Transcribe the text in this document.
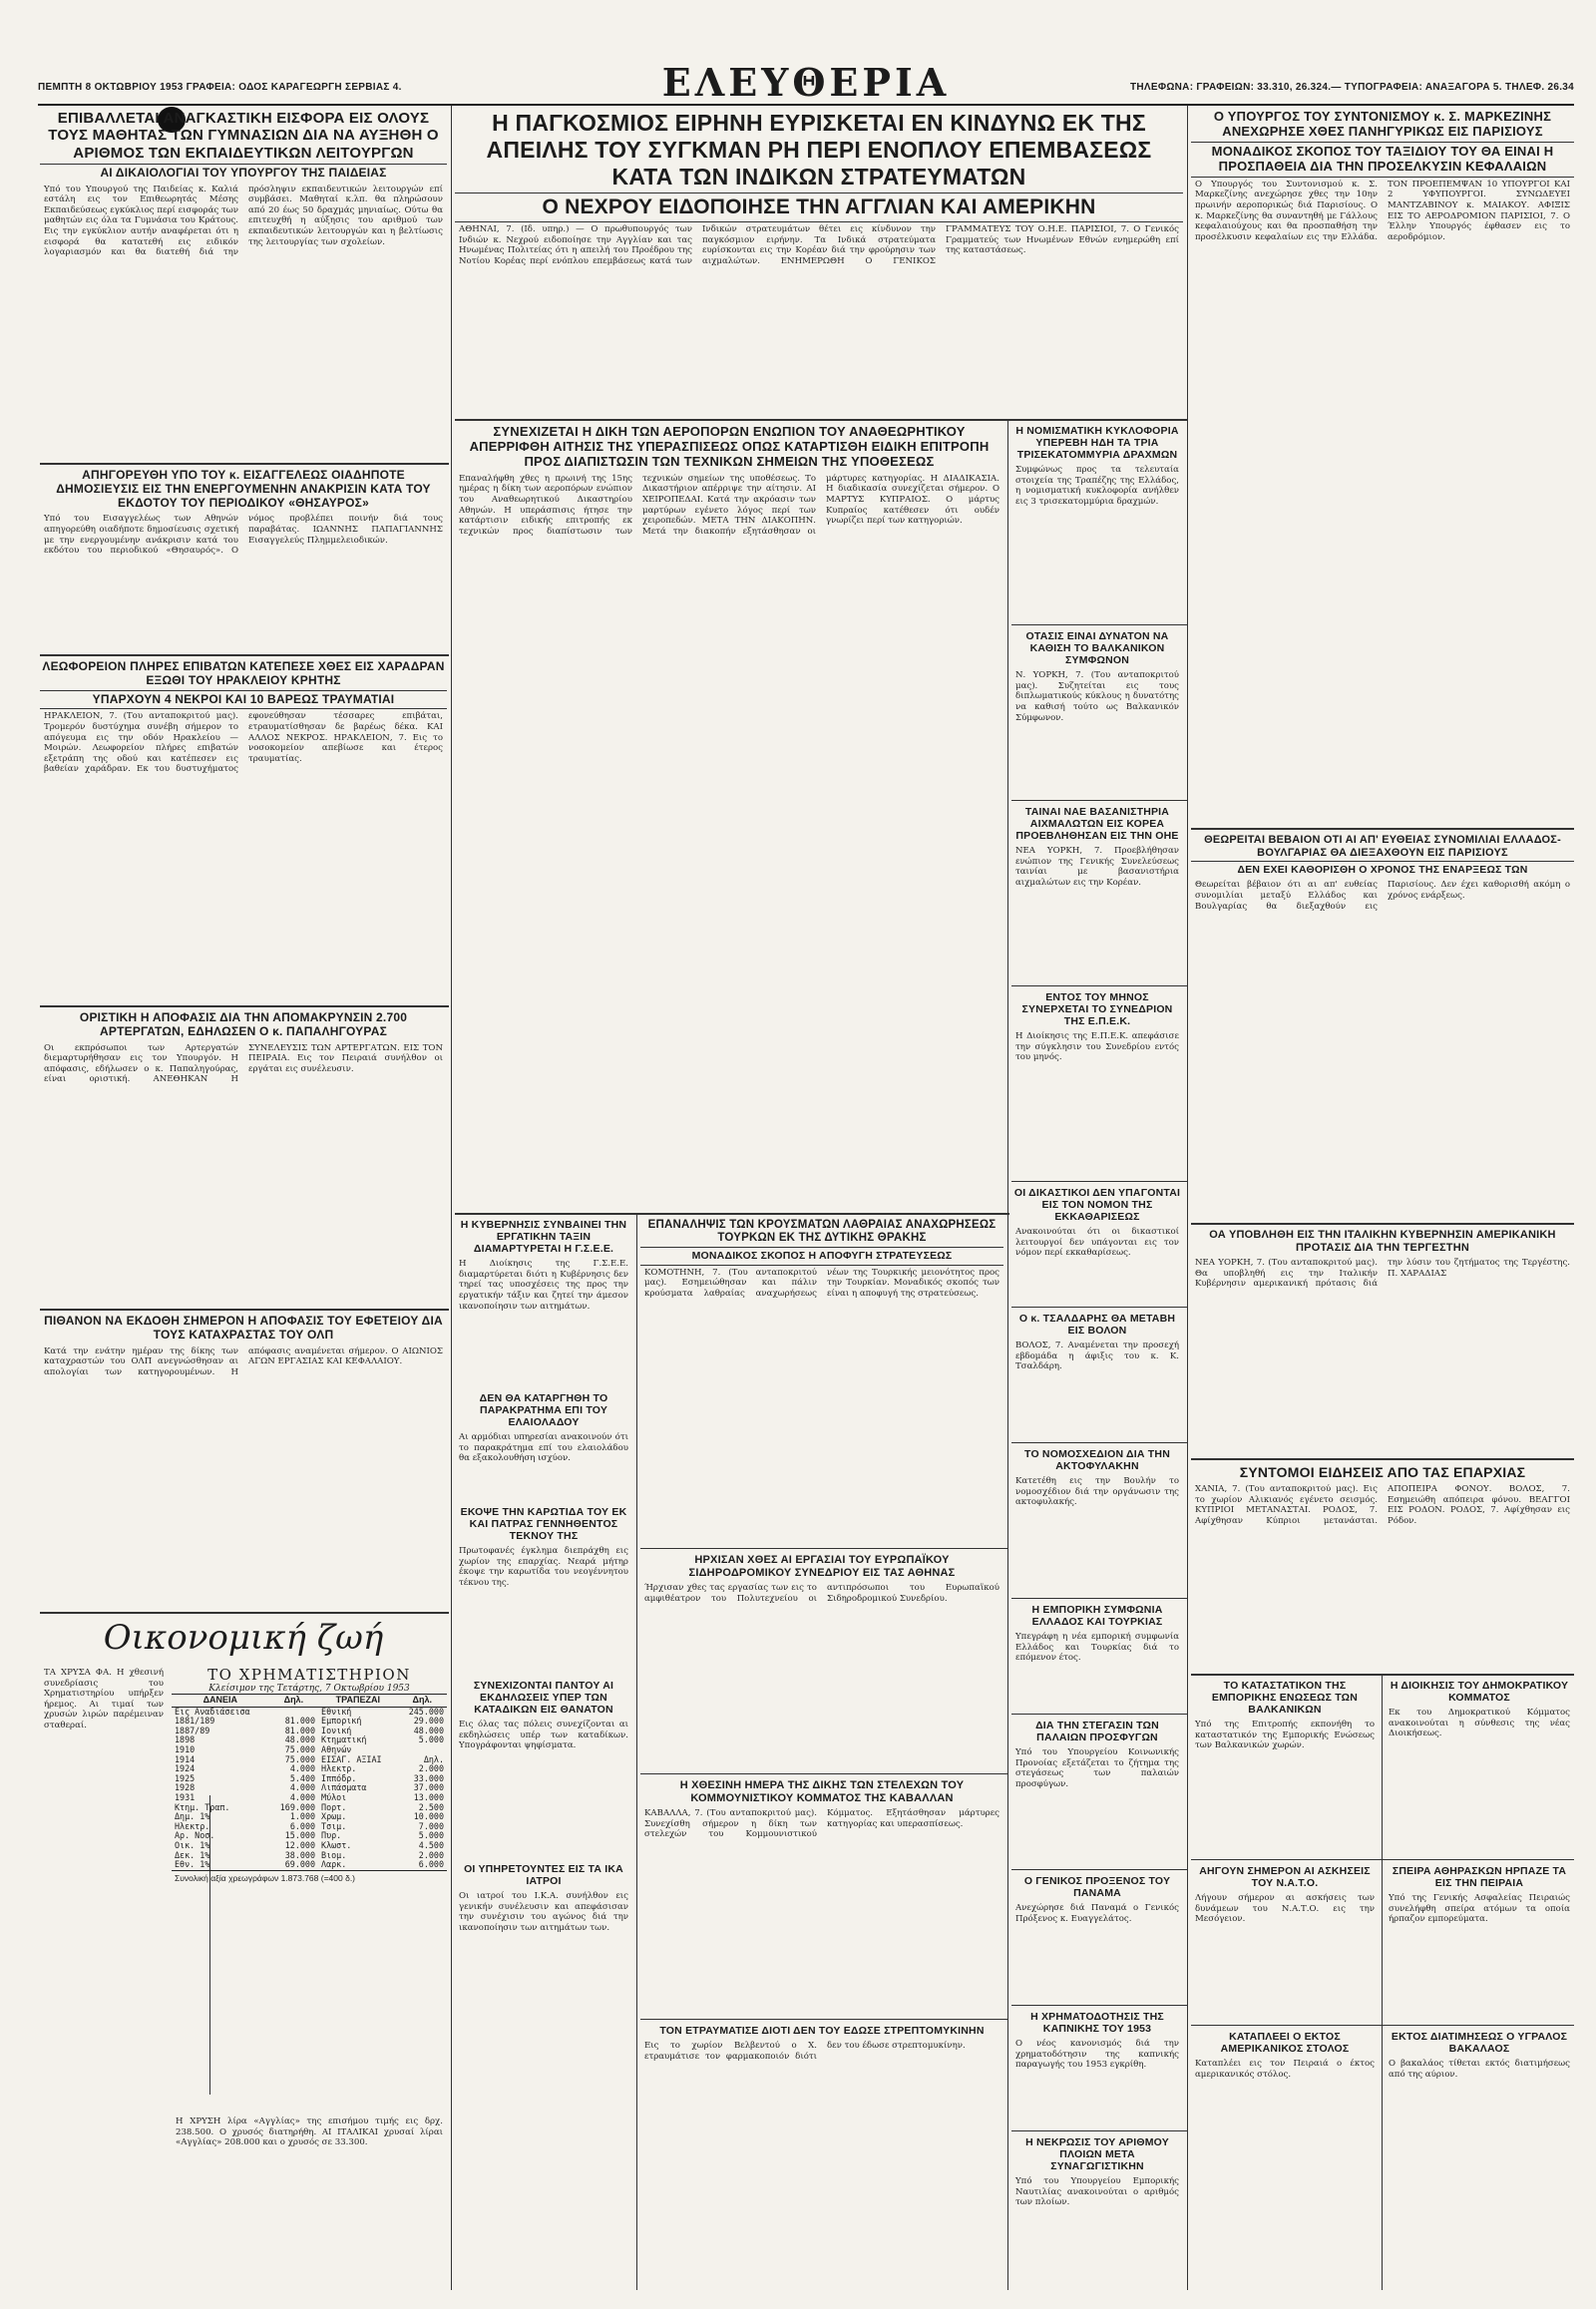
ΠΕΜΠΤΗ 8 ΟΚΤΩΒΡΙΟΥ 1953 ΓΡΑΦΕΙΑ: ΟΔΟΣ ΚΑΡΑΓΕΩΡΓΗ ΣΕΡΒΙΑΣ 4.	ΕΛΕΥΘΕΡΙΑ	ΤΗΛΕΦΩΝΑ: ΓΡΑΦΕΙΩΝ: 33.310, 26.324.— ΤΥΠΟΓΡΑΦΕΙΑ: ΑΝΑΞΑΓΟΡΑ 5. ΤΗΛΕΦ. 26.34
ΕΠΙΒΑΛΛΕΤΑΙ ΑΝΑΓΚΑΣΤΙΚΗ ΕΙΣΦΟΡΑ ΕΙΣ ΟΛΟΥΣ ΤΟΥΣ ΜΑΘΗΤΑΣ ΤΩΝ ΓΥΜΝΑΣΙΩΝ ΔΙΑ ΝΑ ΑΥΞΗΘΗ Ο ΑΡΙΘΜΟΣ ΤΩΝ ΕΚΠΑΙΔΕΥΤΙΚΩΝ ΛΕΙΤΟΥΡΓΩΝ
ΑΙ ΔΙΚΑΙΟΛΟΓΙΑΙ ΤΟΥ ΥΠΟΥΡΓΟΥ ΤΗΣ ΠΑΙΔΕΙΑΣ
Υπό του Υπουργού της Παιδείας κ. Καλιά εστάλη εις τον Επιθεωρητάς Μέσης Εκπαιδεύσεως εγκύκλιος περί εισφοράς των μαθητών εις όλα τα Γυμνάσια του Κράτους. Εις την εγκύκλιον αυτήν αναφέρεται ότι η εισφορά θα κατατεθή εις ειδικόν λογαριασμόν και θα διατεθή διά την πρόσληψιν εκπαιδευτικών λειτουργών επί συμβάσει. Μαθηταί κ.λπ. θα πληρώσουν από 20 έως 50 δραχμάς μηνιαίως. Ούτω θα επιτευχθή η αύξησις του αριθμού των εκπαιδευτικών λειτουργών και η βελτίωσις της λειτουργίας των σχολείων.
ΑΠΗΓΟΡΕΥΘΗ ΥΠΟ ΤΟΥ κ. ΕΙΣΑΓΓΕΛΕΩΣ ΟΙΑΔΗΠΟΤΕ ΔΗΜΟΣΙΕΥΣΙΣ ΕΙΣ ΤΗΝ ΕΝΕΡΓΟΥΜΕΝΗΝ ΑΝΑΚΡΙΣΙΝ ΚΑΤΑ ΤΟΥ ΕΚΔΟΤΟΥ ΤΟΥ ΠΕΡΙΟΔΙΚΟΥ «ΘΗΣΑΥΡΟΣ»
Υπό του Εισαγγελέως των Αθηνών απηγορεύθη οιαδήποτε δημοσίευσις σχετική με την ενεργουμένην ανάκρισιν κατά του εκδότου του περιοδικού «Θησαυρός». Ο νόμος προβλέπει ποινήν διά τους παραβάτας. ΙΩΑΝΝΗΣ ΠΑΠΑΓΙΑΝΝΗΣ Εισαγγελεύς Πλημμελειοδικών.
ΛΕΩΦΟΡΕΙΟΝ ΠΛΗΡΕΣ ΕΠΙΒΑΤΩΝ ΚΑΤΕΠΕΣΕ ΧΘΕΣ ΕΙΣ ΧΑΡΑΔΡΑΝ ΕΞΩΘΙ ΤΟΥ ΗΡΑΚΛΕΙΟΥ ΚΡΗΤΗΣ
ΥΠΑΡΧΟΥΝ 4 ΝΕΚΡΟΙ ΚΑΙ 10 ΒΑΡΕΩΣ ΤΡΑΥΜΑΤΙΑΙ
ΗΡΑΚΛΕΙΟΝ, 7. (Του ανταποκριτού μας). Τρομερόν δυστύχημα συνέβη σήμερον το απόγευμα εις την οδόν Ηρακλείου — Μοιρών. Λεωφορείον πλήρες επιβατών εξετράπη της οδού και κατέπεσεν εις βαθείαν χαράδραν. Εκ του δυστυχήματος εφονεύθησαν τέσσαρες επιβάται, ετραυματίσθησαν δε βαρέως δέκα. ΚΑΙ ΑΛΛΟΣ ΝΕΚΡΟΣ. ΗΡΑΚΛΕΙΟΝ, 7. Εις το νοσοκομείον απεβίωσε και έτερος τραυματίας.
ΟΡΙΣΤΙΚΗ Η ΑΠΟΦΑΣΙΣ ΔΙΑ ΤΗΝ ΑΠΟΜΑΚΡΥΝΣΙΝ 2.700 ΑΡΤΕΡΓΑΤΩΝ, ΕΔΗΛΩΣΕΝ Ο κ. ΠΑΠΑΛΗΓΟΥΡΑΣ
Οι εκπρόσωποι των Αρτεργατών διεμαρτυρήθησαν εις τον Υπουργόν. Η απόφασις, εδήλωσεν ο κ. Παπαληγούρας, είναι οριστική. ΑΝΕΘΗΚΑΝ Η ΣΥΝΕΛΕΥΣΙΣ ΤΩΝ ΑΡΤΕΡΓΑΤΩΝ. ΕΙΣ ΤΟΝ ΠΕΙΡΑΙΑ. Εις τον Πειραιά συνήλθον οι εργάται εις συνέλευσιν.
ΠΙΘΑΝΟΝ ΝΑ ΕΚΔΟΘΗ ΣΗΜΕΡΟΝ Η ΑΠΟΦΑΣΙΣ ΤΟΥ ΕΦΕΤΕΙΟΥ ΔΙΑ ΤΟΥΣ ΚΑΤΑΧΡΑΣΤΑΣ ΤΟΥ ΟΛΠ
Κατά την ενάτην ημέραν της δίκης των καταχραστών του ΟΛΠ ανεγνώσθησαν αι απολογίαι των κατηγορουμένων. Η απόφασις αναμένεται σήμερον. Ο ΑΙΩΝΙΟΣ ΑΓΩΝ ΕΡΓΑΣΙΑΣ ΚΑΙ ΚΕΦΑΛΑΙΟΥ.
Οικονομική ζωή
ΤΑ ΧΡΥΣΑ ΦΑ. Η χθεσινή συνεδρίασις του Χρηματιστηρίου υπήρξεν ήρεμος. Αι τιμαί των χρυσών λιρών παρέμειναν σταθεραί.
ΤΟ ΧΡΗΜΑΤΙΣΤΗΡΙΟΝ
Κλείσιμον της Τετάρτης, 7 Οκτωβρίου 1953
ΔΑΝΕΙΑ	Δηλ.	ΤΡΑΠΕΖΑΙ	Δηλ.
Εις Αναδιάσεισα		Εθνική	245.000
1881/189	81.000	Εμπορική	29.000
1887/89	81.000	Ιονική	48.000
1898	48.000	Κτηματική	5.000
1910	75.000	Αθηνών	
1914	75.000	ΕΙΣΑΓ. ΑΞΙΑΙ	Δηλ.
1924	4.000	Ηλεκτρ.	2.000
1925	5.400	Ιππόδρ.	33.000
1928	4.000	Λιπάσματα	37.000
1931	4.000	Μύλοι	13.000
Κτημ. Τραπ.	169.000	Πορτ.	2.500
Δημ. 1%	1.000	Χρωμ.	10.000
Ηλεκτρ.	6.000	Τσιμ.	7.000
Αρ. Νοσ.	15.000	Πυρ.	5.000
Οικ. 1%	12.000	Κλωστ.	4.500
Δεκ. 1%	38.000	Βιομ.	2.000
Εθν. 1%	69.000	Λαρκ.	6.000
Συνολική αξία χρεωγράφων 1.873.768 (=400 δ.)
Η ΧΡΥΣΗ λίρα «Αγγλίας» της επισήμου τιμής εις δρχ. 238.500. Ο χρυσός διατηρήθη. ΑΙ ΙΤΑΛΙΚΑΙ χρυσαί λίραι «Αγγλίας» 208.000 και ο χρυσός σε 33.300.
Η ΠΑΓΚΟΣΜΙΟΣ ΕΙΡΗΝΗ ΕΥΡΙΣΚΕΤΑΙ ΕΝ ΚΙΝΔΥΝΩ ΕΚ ΤΗΣ ΑΠΕΙΛΗΣ ΤΟΥ ΣΥΓΚΜΑΝ ΡΗ ΠΕΡΙ ΕΝΟΠΛΟΥ ΕΠΕΜΒΑΣΕΩΣ ΚΑΤΑ ΤΩΝ ΙΝΔΙΚΩΝ ΣΤΡΑΤΕΥΜΑΤΩΝ
Ο ΝΕΧΡΟΥ ΕΙΔΟΠΟΙΗΣΕ ΤΗΝ ΑΓΓΛΙΑΝ ΚΑΙ ΑΜΕΡΙΚΗΝ
ΑΘΗΝΑΙ, 7. (Ιδ. υπηρ.) — Ο πρωθυπουργός των Ινδιών κ. Νεχρού ειδοποίησε την Αγγλίαν και τας Ηνωμένας Πολιτείας ότι η απειλή του Προέδρου της Νοτίου Κορέας περί ενόπλου επεμβάσεως κατά των Ινδικών στρατευμάτων θέτει εις κίνδυνον την παγκόσμιον ειρήνην. Τα Ινδικά στρατεύματα ευρίσκονται εις την Κορέαν διά την φρούρησιν των αιχμαλώτων. ΕΝΗΜΕΡΩΘΗ Ο ΓΕΝΙΚΟΣ ΓΡΑΜΜΑΤΕΥΣ ΤΟΥ Ο.Η.Ε. ΠΑΡΙΣΙΟΙ, 7. Ο Γενικός Γραμματεύς των Ηνωμένων Εθνών ενημερώθη επί της καταστάσεως.
ΣΥΝΕΧΙΖΕΤΑΙ Η ΔΙΚΗ ΤΩΝ ΑΕΡΟΠΟΡΩΝ ΕΝΩΠΙΟΝ ΤΟΥ ΑΝΑΘΕΩΡΗΤΙΚΟΥ ΑΠΕΡΡΙΦΘΗ ΑΙΤΗΣΙΣ ΤΗΣ ΥΠΕΡΑΣΠΙΣΕΩΣ ΟΠΩΣ ΚΑΤΑΡΤΙΣΘΗ ΕΙΔΙΚΗ ΕΠΙΤΡΟΠΗ ΠΡΟΣ ΔΙΑΠΙΣΤΩΣΙΝ ΤΩΝ ΤΕΧΝΙΚΩΝ ΣΗΜΕΙΩΝ ΤΗΣ ΥΠΟΘΕΣΕΩΣ
Επαναλήφθη χθες η πρωινή της 15ης ημέρας η δίκη των αεροπόρων ενώπιον του Αναθεωρητικού Δικαστηρίου Αθηνών. Η υπεράσπισις ήτησε την κατάρτισιν ειδικής επιτροπής εκ τεχνικών προς διαπίστωσιν των τεχνικών σημείων της υποθέσεως. Το Δικαστήριον απέρριψε την αίτησιν. ΑΙ ΧΕΙΡΟΠΕΔΑΙ. Κατά την ακρόασιν των μαρτύρων εγένετο λόγος περί των χειροπεδών. ΜΕΤΑ ΤΗΝ ΔΙΑΚΟΠΗΝ. Μετά την διακοπήν εξητάσθησαν οι μάρτυρες κατηγορίας. Η ΔΙΑΔΙΚΑΣΙΑ. Η διαδικασία συνεχίζεται σήμερον. Ο ΜΑΡΤΥΣ ΚΥΠΡΑΙΟΣ. Ο μάρτυς Κυπραίος κατέθεσεν ότι ουδέν γνωρίζει περί των κατηγοριών.
Η ΚΥΒΕΡΝΗΣΙΣ ΣΥΝΒΑΙΝΕΙ ΤΗΝ ΕΡΓΑΤΙΚΗΝ ΤΑΞΙΝ ΔΙΑΜΑΡΤΥΡΕΤΑΙ Η Γ.Σ.Ε.Ε.
Η Διοίκησις της Γ.Σ.Ε.Ε. διαμαρτύρεται διότι η Κυβέρνησις δεν τηρεί τας υποσχέσεις της προς την εργατικήν τάξιν και ζητεί την άμεσον ικανοποίησιν των αιτημάτων.
ΔΕΝ ΘΑ ΚΑΤΑΡΓΗΘΗ ΤΟ ΠΑΡΑΚΡΑΤΗΜΑ ΕΠΙ ΤΟΥ ΕΛΑΙΟΛΑΔΟΥ
Αι αρμόδιαι υπηρεσίαι ανακοινούν ότι το παρακράτημα επί του ελαιολάδου θα εξακολουθήση ισχύον.
ΕΚΟΨΕ ΤΗΝ ΚΑΡΩΤΙΔΑ ΤΟΥ ΕΚ ΚΑΙ ΠΑΤΡΑΣ ΓΕΝΝΗΘΕΝΤΟΣ ΤΕΚΝΟΥ ΤΗΣ
Πρωτοφανές έγκλημα διεπράχθη εις χωρίον της επαρχίας. Νεαρά μήτηρ έκοψε την καρωτίδα του νεογέννητου τέκνου της.
ΣΥΝΕΧΙΖΟΝΤΑΙ ΠΑΝΤΟΥ ΑΙ ΕΚΔΗΛΩΣΕΙΣ ΥΠΕΡ ΤΩΝ ΚΑΤΑΔΙΚΩΝ ΕΙΣ ΘΑΝΑΤΟΝ
Εις όλας τας πόλεις συνεχίζονται αι εκδηλώσεις υπέρ των καταδίκων. Υπογράφονται ψηφίσματα.
ΟΙ ΥΠΗΡΕΤΟΥΝΤΕΣ ΕΙΣ ΤΑ ΙΚΑ ΙΑΤΡΟΙ
Οι ιατροί του Ι.Κ.Α. συνήλθον εις γενικήν συνέλευσιν και απεφάσισαν την συνέχισιν του αγώνος διά την ικανοποίησιν των αιτημάτων των.
ΕΠΑΝΑΛΗΨΙΣ ΤΩΝ ΚΡΟΥΣΜΑΤΩΝ ΛΑΘΡΑΙΑΣ ΑΝΑΧΩΡΗΣΕΩΣ ΤΟΥΡΚΩΝ ΕΚ ΤΗΣ ΔΥΤΙΚΗΣ ΘΡΑΚΗΣ
ΜΟΝΑΔΙΚΟΣ ΣΚΟΠΟΣ Η ΑΠΟΦΥΓΗ ΣΤΡΑΤΕΥΣΕΩΣ
ΚΟΜΟΤΗΝΗ, 7. (Του ανταποκριτού μας). Εσημειώθησαν και πάλιν κρούσματα λαθραίας αναχωρήσεως νέων της Τουρκικής μειονότητος προς την Τουρκίαν. Μοναδικός σκοπός των είναι η αποφυγή της στρατεύσεως.
ΗΡΧΙΣΑΝ ΧΘΕΣ ΑΙ ΕΡΓΑΣΙΑΙ ΤΟΥ ΕΥΡΩΠΑΪΚΟΥ ΣΙΔΗΡΟΔΡΟΜΙΚΟΥ ΣΥΝΕΔΡΙΟΥ ΕΙΣ ΤΑΣ ΑΘΗΝΑΣ
Ήρχισαν χθες τας εργασίας των εις το αμφιθέατρον του Πολυτεχνείου οι αντιπρόσωποι του Ευρωπαϊκού Σιδηροδρομικού Συνεδρίου.
Η ΧΘΕΣΙΝΗ ΗΜΕΡΑ ΤΗΣ ΔΙΚΗΣ ΤΩΝ ΣΤΕΛΕΧΩΝ ΤΟΥ ΚΟΜΜΟΥΝΙΣΤΙΚΟΥ ΚΟΜΜΑΤΟΣ ΤΗΣ ΚΑΒΑΛΛΑΝ
ΚΑΒΑΛΛΑ, 7. (Του ανταποκριτού μας). Συνεχίσθη σήμερον η δίκη των στελεχών του Κομμουνιστικού Κόμματος. Εξητάσθησαν μάρτυρες κατηγορίας και υπερασπίσεως.
ΤΟΝ ΕΤΡΑΥΜΑΤΙΣΕ ΔΙΟΤΙ ΔΕΝ ΤΟΥ ΕΔΩΣΕ ΣΤΡΕΠΤΟΜΥΚΙΝΗΝ
Εις το χωρίον Βελβεντού ο Χ. ετραυμάτισε τον φαρμακοποιόν διότι δεν του έδωσε στρεπτομυκίνην.
Η ΝΟΜΙΣΜΑΤΙΚΗ ΚΥΚΛΟΦΟΡΙΑ ΥΠΕΡΕΒΗ ΗΔΗ ΤΑ ΤΡΙΑ ΤΡΙΣΕΚΑΤΟΜΜΥΡΙΑ ΔΡΑΧΜΩΝ
Συμφώνως προς τα τελευταία στοιχεία της Τραπέζης της Ελλάδος, η νομισματική κυκλοφορία ανήλθεν εις 3 τρισεκατομμύρια δραχμών.
ΟΤΑΣΙΣ ΕΙΝΑΙ ΔΥΝΑΤΟΝ ΝΑ ΚΑΘΙΣΗ ΤΟ ΒΑΛΚΑΝΙΚΟΝ ΣΥΜΦΩΝΟΝ
Ν. ΥΟΡΚΗ, 7. (Του ανταποκριτού μας). Συζητείται εις τους διπλωματικούς κύκλους η δυνατότης να καθισή τούτο ως Βαλκανικόν Σύμφωνον.
ΤΑΙΝΑΙ ΝΑΕ ΒΑΣΑΝΙΣΤΗΡΙΑ ΑΙΧΜΑΛΩΤΩΝ ΕΙΣ ΚΟΡΕΑ ΠΡΟΕΒΛΗΘΗΣΑΝ ΕΙΣ ΤΗΝ ΟΗΕ
ΝΕΑ ΥΟΡΚΗ, 7. Προεβλήθησαν ενώπιον της Γενικής Συνελεύσεως ταινίαι με βασανιστήρια αιχμαλώτων εις την Κορέαν.
ΕΝΤΟΣ ΤΟΥ ΜΗΝΟΣ ΣΥΝΕΡΧΕΤΑΙ ΤΟ ΣΥΝΕΔΡΙΟΝ ΤΗΣ Ε.Π.Ε.Κ.
Η Διοίκησις της Ε.Π.Ε.Κ. απεφάσισε την σύγκλησιν του Συνεδρίου εντός του μηνός.
ΟΙ ΔΙΚΑΣΤΙΚΟΙ ΔΕΝ ΥΠΑΓΟΝΤΑΙ ΕΙΣ ΤΟΝ ΝΟΜΟΝ ΤΗΣ ΕΚΚΑΘΑΡΙΣΕΩΣ
Ανακοινούται ότι οι δικαστικοί λειτουργοί δεν υπάγονται εις τον νόμον περί εκκαθαρίσεως.
Ο κ. ΤΣΑΛΔΑΡΗΣ ΘΑ ΜΕΤΑΒΗ ΕΙΣ ΒΟΛΟΝ
ΒΟΛΟΣ, 7. Αναμένεται την προσεχή εβδομάδα η άφιξις του κ. Κ. Τσαλδάρη.
ΤΟ ΝΟΜΟΣΧΕΔΙΟΝ ΔΙΑ ΤΗΝ ΑΚΤΟΦΥΛΑΚΗΝ
Κατετέθη εις την Βουλήν το νομοσχέδιον διά την οργάνωσιν της ακτοφυλακής.
Η ΕΜΠΟΡΙΚΗ ΣΥΜΦΩΝΙΑ ΕΛΛΑΔΟΣ ΚΑΙ ΤΟΥΡΚΙΑΣ
Υπεγράφη η νέα εμπορική συμφωνία Ελλάδος και Τουρκίας διά το επόμενον έτος.
ΔΙΑ ΤΗΝ ΣΤΕΓΑΣΙΝ ΤΩΝ ΠΑΛΑΙΩΝ ΠΡΟΣΦΥΓΩΝ
Υπό του Υπουργείου Κοινωνικής Προνοίας εξετάζεται το ζήτημα της στεγάσεως των παλαιών προσφύγων.
Ο ΓΕΝΙΚΟΣ ΠΡΟΞΕΝΟΣ ΤΟΥ ΠΑΝΑΜΑ
Ανεχώρησε διά Παναμά ο Γενικός Πρόξενος κ. Ευαγγελάτος.
Η ΧΡΗΜΑΤΟΔΟΤΗΣΙΣ ΤΗΣ ΚΑΠΝΙΚΗΣ ΤΟΥ 1953
Ο νέος κανονισμός διά την χρηματοδότησιν της καπνικής παραγωγής του 1953 εγκρίθη.
Η ΝΕΚΡΩΣΙΣ ΤΟΥ ΑΡΙΘΜΟΥ ΠΛΟΙΩΝ ΜΕΤΑ ΣΥΝΑΓΩΓΙΣΤΙΚΗΝ
Υπό του Υπουργείου Εμπορικής Ναυτιλίας ανακοινούται ο αριθμός των πλοίων.
Ο ΥΠΟΥΡΓΟΣ ΤΟΥ ΣΥΝΤΟΝΙΣΜΟΥ κ. Σ. ΜΑΡΚΕΖΙΝΗΣ ΑΝΕΧΩΡΗΣΕ ΧΘΕΣ ΠΑΝΗΓΥΡΙΚΩΣ ΕΙΣ ΠΑΡΙΣΙΟΥΣ
ΜΟΝΑΔΙΚΟΣ ΣΚΟΠΟΣ ΤΟΥ ΤΑΞΙΔΙΟΥ ΤΟΥ ΘΑ ΕΙΝΑΙ Η ΠΡΟΣΠΑΘΕΙΑ ΔΙΑ ΤΗΝ ΠΡΟΣΕΛΚΥΣΙΝ ΚΕΦΑΛΑΙΩΝ
Ο Υπουργός του Συντονισμού κ. Σ. Μαρκεζίνης ανεχώρησε χθες την 10ην πρωινήν αεροπορικώς διά Παρισίους. Ο κ. Μαρκεζίνης θα συναντηθή με Γάλλους κεφαλαιούχους και θα προσπαθήση την προσέλκυσιν κεφαλαίων εις την Ελλάδα. ΤΟΝ ΠΡΟΕΠΕΜΨΑΝ 10 ΥΠΟΥΡΓΟΙ ΚΑΙ 2 ΥΦΥΠΟΥΡΓΟΙ. ΣΥΝΩΔΕΥΕΙ ΜΑΝΤΖΑΒΙΝΟΥ κ. ΜΑΙΑΚΟΥ. ΑΦΙΞΙΣ ΕΙΣ ΤΟ ΑΕΡΟΔΡΟΜΙΟΝ ΠΑΡΙΣΙΟΙ, 7. Ο Έλλην Υπουργός έφθασεν εις το αεροδρόμιον.
ΘΕΩΡΕΙΤΑΙ ΒΕΒΑΙΟΝ ΟΤΙ ΑΙ ΑΠ' ΕΥΘΕΙΑΣ ΣΥΝΟΜΙΛΙΑΙ ΕΛΛΑΔΟΣ-ΒΟΥΛΓΑΡΙΑΣ ΘΑ ΔΙΕΞΑΧΘΟΥΝ ΕΙΣ ΠΑΡΙΣΙΟΥΣ
ΔΕΝ ΕΧΕΙ ΚΑΘΟΡΙΣΘΗ Ο ΧΡΟΝΟΣ ΤΗΣ ΕΝΑΡΞΕΩΣ ΤΩΝ
Θεωρείται βέβαιον ότι αι απ' ευθείας συνομιλίαι μεταξύ Ελλάδος και Βουλγαρίας θα διεξαχθούν εις Παρισίους. Δεν έχει καθορισθή ακόμη ο χρόνος ενάρξεως.
ΟΑ ΥΠΟΒΛΗΘΗ ΕΙΣ ΤΗΝ ΙΤΑΛΙΚΗΝ ΚΥΒΕΡΝΗΣΙΝ ΑΜΕΡΙΚΑΝΙΚΗ ΠΡΟΤΑΣΙΣ ΔΙΑ ΤΗΝ ΤΕΡΓΕΣΤΗΝ
ΝΕΑ ΥΟΡΚΗ, 7. (Του ανταποκριτού μας). Θα υποβληθή εις την Ιταλικήν Κυβέρνησιν αμερικανική πρότασις διά την λύσιν του ζητήματος της Τεργέστης. Π. ΧΑΡΑΔΙΑΣ
ΣΥΝΤΟΜΟΙ ΕΙΔΗΣΕΙΣ ΑΠΟ ΤΑΣ ΕΠΑΡΧΙΑΣ
ΧΑΝΙΑ, 7. (Του ανταποκριτού μας). Εις το χωρίον Αλικιανός εγένετο σεισμός. ΚΥΠΡΙΟΙ ΜΕΤΑΝΑΣΤΑΙ. ΡΟΔΟΣ, 7. Αφίχθησαν Κύπριοι μετανάσται. ΑΠΟΠΕΙΡΑ ΦΟΝΟΥ. ΒΟΛΟΣ, 7. Εσημειώθη απόπειρα φόνου. ΒΕΑΓΓΟΙ ΕΙΣ ΡΟΔΟΝ. ΡΟΔΟΣ, 7. Αφίχθησαν εις Ρόδον.
ΤΟ ΚΑΤΑΣΤΑΤΙΚΟΝ ΤΗΣ ΕΜΠΟΡΙΚΗΣ ΕΝΩΣΕΩΣ ΤΩΝ ΒΑΛΚΑΝΙΚΩΝ
Υπό της Επιτροπής εκπονήθη το καταστατικόν της Εμπορικής Ενώσεως των Βαλκανικών χωρών.
Η ΔΙΟΙΚΗΣΙΣ ΤΟΥ ΔΗΜΟΚΡΑΤΙΚΟΥ ΚΟΜΜΑΤΟΣ
Εκ του Δημοκρατικού Κόμματος ανακοινούται η σύνθεσις της νέας Διοικήσεως.
ΣΠΕΙΡΑ ΑΘΗΡΑΣΚΩΝ ΗΡΠΑΖΕ ΤΑ ΕΙΣ ΤΗΝ ΠΕΙΡΑΙΑ
Υπό της Γενικής Ασφαλείας Πειραιώς συνελήφθη σπείρα ατόμων τα οποία ήρπαζον εμπορεύματα.
ΑΗΓΟΥΝ ΣΗΜΕΡΟΝ ΑΙ ΑΣΚΗΣΕΙΣ ΤΟΥ Ν.Α.Τ.Ο.
Λήγουν σήμερον αι ασκήσεις των δυνάμεων του Ν.Α.Τ.Ο. εις την Μεσόγειον.
ΚΑΤΑΠΛΕΕΙ Ο ΕΚΤΟΣ ΑΜΕΡΙΚΑΝΙΚΟΣ ΣΤΟΛΟΣ
Καταπλέει εις τον Πειραιά ο έκτος αμερικανικός στόλος.
ΕΚΤΟΣ ΔΙΑΤΙΜΗΣΕΩΣ Ο ΥΓΡΑΛΟΣ ΒΑΚΑΛΑΟΣ
Ο βακαλάος τίθεται εκτός διατιμήσεως από της αύριον.
